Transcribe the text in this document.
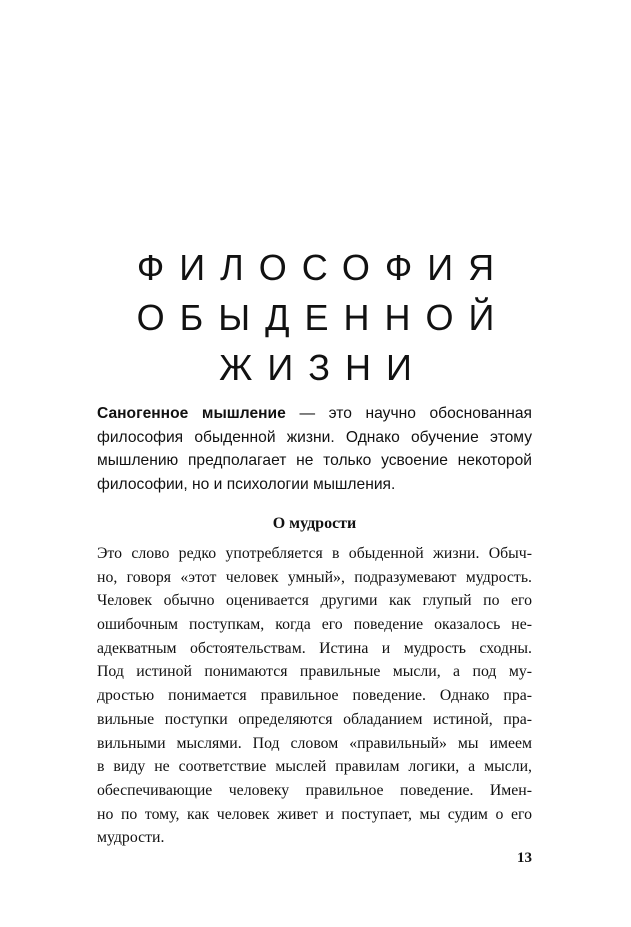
ФИЛОСОФИЯ
ОБЫДЕННОЙ
ЖИЗНИ

Саногенное мышление — это научно обоснованная философия обыденной жизни. Однако обучение этому мышлению предполагает не только усвоение некоторой философии, но и психологии мышления.

О мудрости
Это слово редко употребляется в обыденной жизни. Обыч-
но, говоря «этот человек умный», подразумевают мудрость.
Человек обычно оценивается другими как глупый по его
ошибочным поступкам, когда его поведение оказалось не-
адекватным обстоятельствам. Истина и мудрость сходны.
Под истиной понимаются правильные мысли, а под му-
дростью понимается правильное поведение. Однако пра-
вильные поступки определяются обладанием истиной, пра-
вильными мыслями. Под словом «правильный» мы имеем
в виду не соответствие мыслей правилам логики, а мысли,
обеспечивающие человеку правильное поведение. Имен-
но по тому, как человек живет и поступает, мы судим о его
мудрости.
13
